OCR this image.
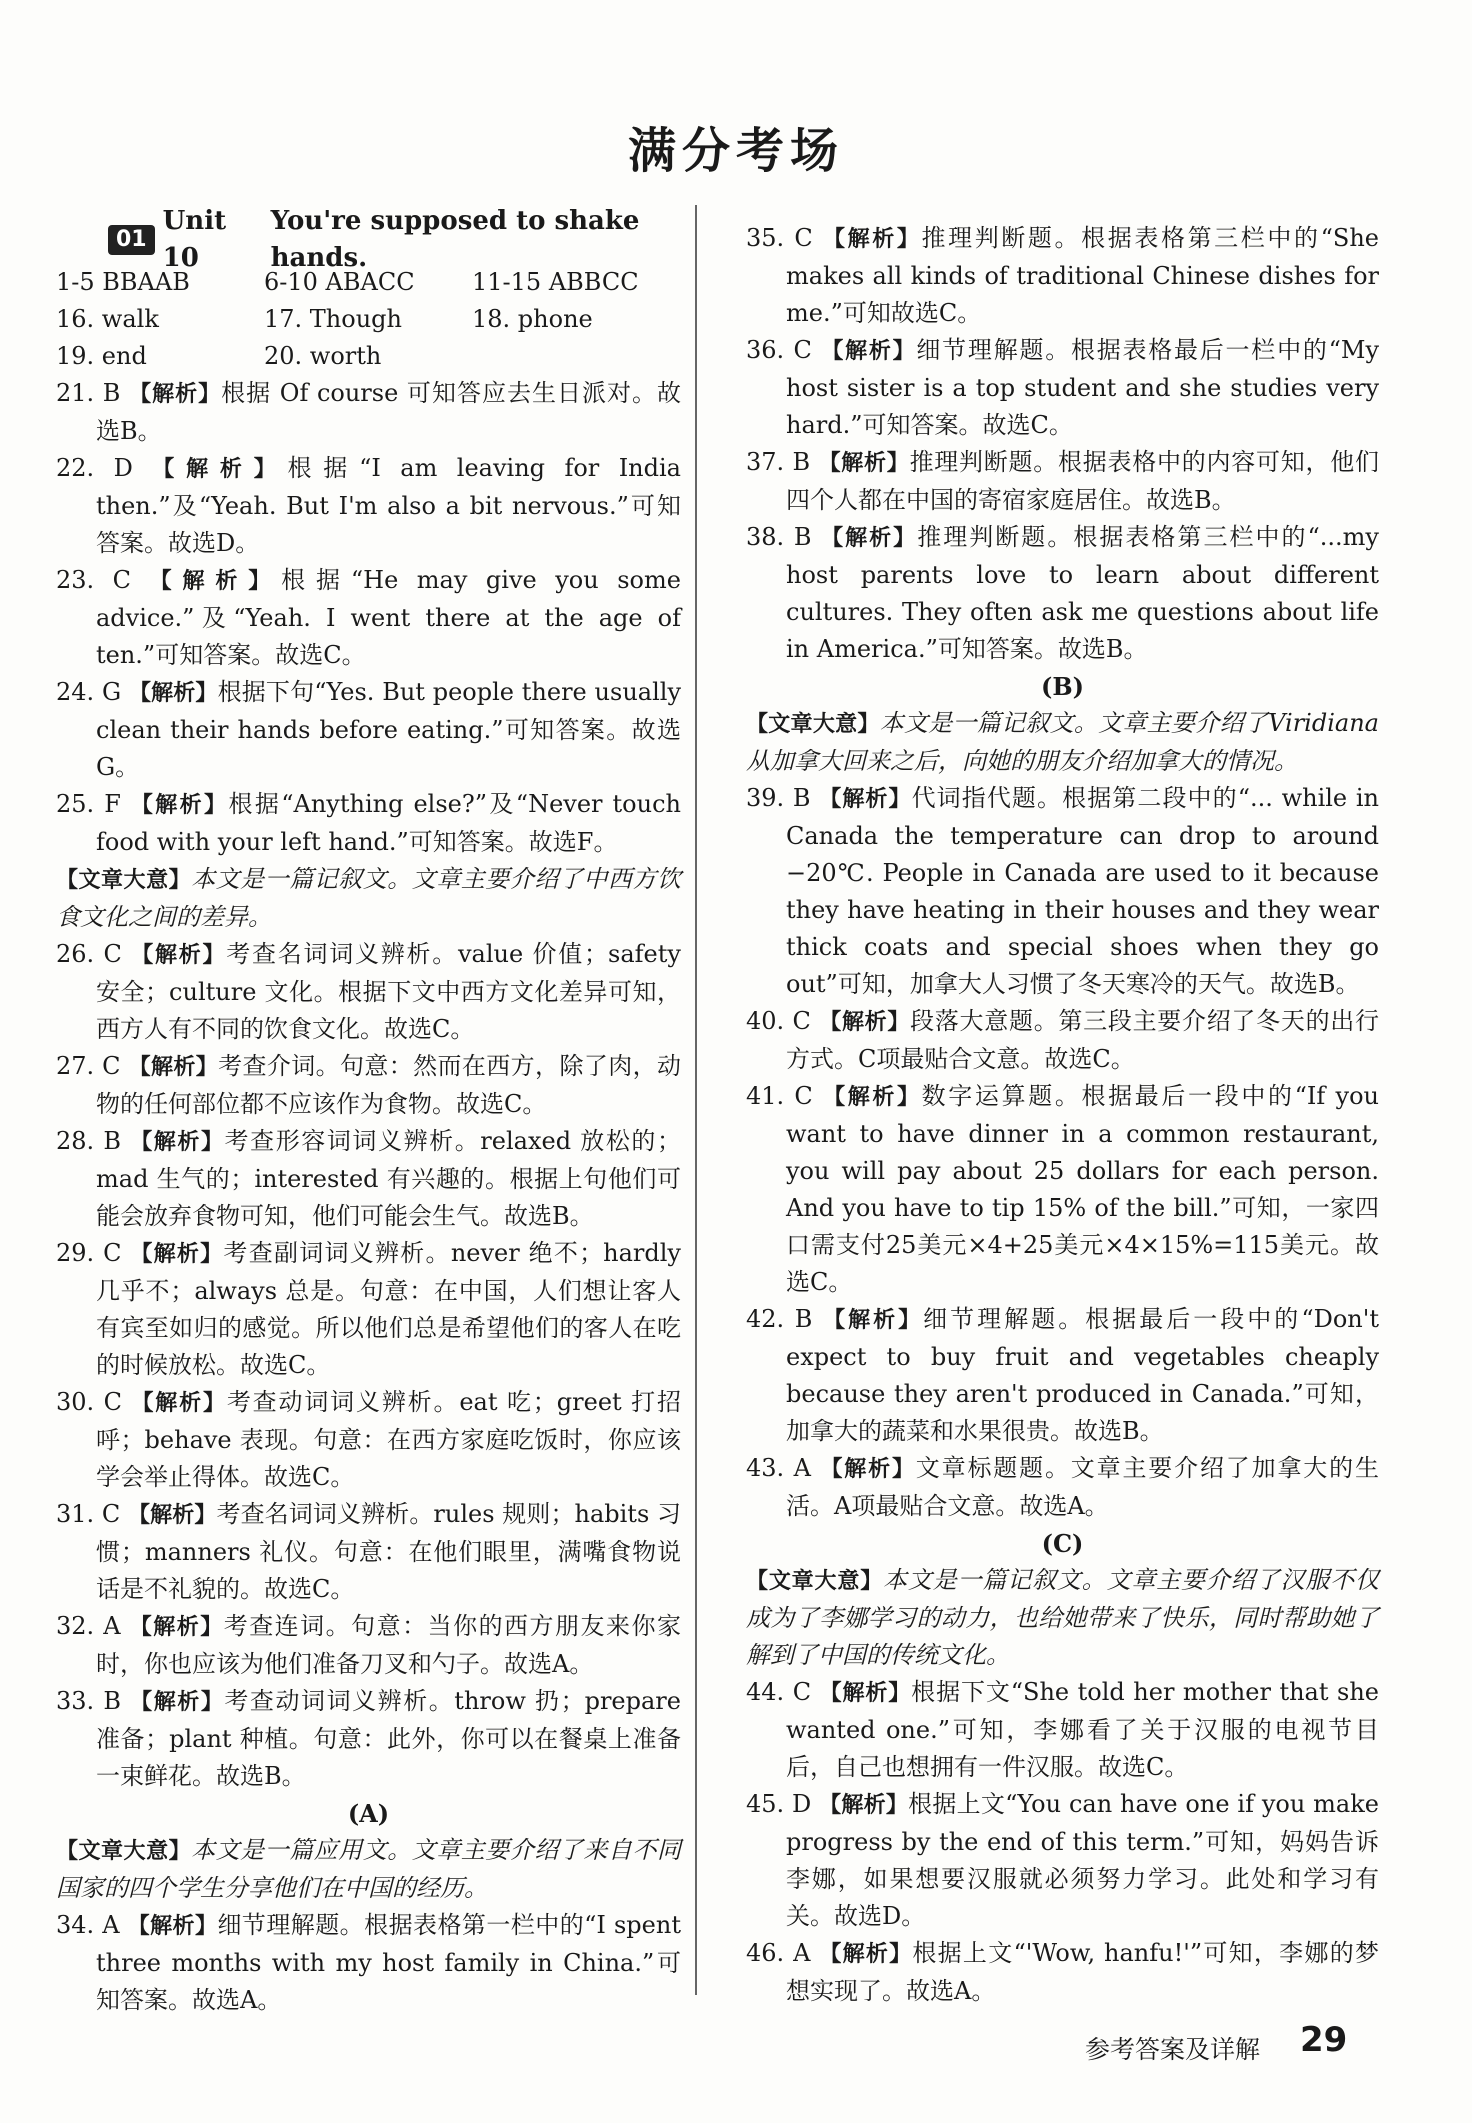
满分考场
01
Unit 10
You're supposed to shake hands.
1-5 BBAAB	6-10 ABACC	11-15 ABBCC
16. walk	17. Though	18. phone
19. end	20. worth
21. B 【解析】根据 Of course 可知答应去生日派对。故选B。
22. D 【解析】根据“I am leaving for India then.”及“Yeah. But I'm also a bit nervous.”可知答案。故选D。
23. C 【解析】根据“He may give you some advice.”及“Yeah. I went there at the age of ten.”可知答案。故选C。
24. G 【解析】根据下句“Yes. But people there usually clean their hands before eating.”可知答案。故选G。
25. F 【解析】根据“Anything else?”及“Never touch food with your left hand.”可知答案。故选F。
【文章大意】本文是一篇记叙文。文章主要介绍了中西方饮食文化之间的差异。
26. C 【解析】考查名词词义辨析。value 价值；safety 安全；culture 文化。根据下文中西方文化差异可知，西方人有不同的饮食文化。故选C。
27. C 【解析】考查介词。句意：然而在西方，除了肉，动物的任何部位都不应该作为食物。故选C。
28. B 【解析】考查形容词词义辨析。relaxed 放松的；mad 生气的；interested 有兴趣的。根据上句他们可能会放弃食物可知，他们可能会生气。故选B。
29. C 【解析】考查副词词义辨析。never 绝不；hardly 几乎不；always 总是。句意：在中国，人们想让客人有宾至如归的感觉。所以他们总是希望他们的客人在吃的时候放松。故选C。
30. C 【解析】考查动词词义辨析。eat 吃；greet 打招呼；behave 表现。句意：在西方家庭吃饭时，你应该学会举止得体。故选C。
31. C 【解析】考查名词词义辨析。rules 规则；habits 习惯；manners 礼仪。句意：在他们眼里，满嘴食物说话是不礼貌的。故选C。
32. A 【解析】考查连词。句意：当你的西方朋友来你家时，你也应该为他们准备刀叉和勺子。故选A。
33. B 【解析】考查动词词义辨析。throw 扔；prepare 准备；plant 种植。句意：此外，你可以在餐桌上准备一束鲜花。故选B。
(A)
【文章大意】本文是一篇应用文。文章主要介绍了来自不同国家的四个学生分享他们在中国的经历。
34. A 【解析】细节理解题。根据表格第一栏中的“I spent three months with my host family in China.”可知答案。故选A。
35. C 【解析】推理判断题。根据表格第三栏中的“She makes all kinds of traditional Chinese dishes for me.”可知故选C。
36. C 【解析】细节理解题。根据表格最后一栏中的“My host sister is a top student and she studies very hard.”可知答案。故选C。
37. B 【解析】推理判断题。根据表格中的内容可知，他们四个人都在中国的寄宿家庭居住。故选B。
38. B 【解析】推理判断题。根据表格第三栏中的“...my host parents love to learn about different cultures. They often ask me questions about life in America.”可知答案。故选B。
(B)
【文章大意】本文是一篇记叙文。文章主要介绍了Viridiana从加拿大回来之后，向她的朋友介绍加拿大的情况。
39. B 【解析】代词指代题。根据第二段中的“... while in Canada the temperature can drop to around −20℃. People in Canada are used to it because they have heating in their houses and they wear thick coats and special shoes when they go out”可知，加拿大人习惯了冬天寒冷的天气。故选B。
40. C 【解析】段落大意题。第三段主要介绍了冬天的出行方式。C项最贴合文意。故选C。
41. C 【解析】数字运算题。根据最后一段中的“If you want to have dinner in a common restaurant, you will pay about 25 dollars for each person. And you have to tip 15% of the bill.”可知，一家四口需支付25美元×4+25美元×4×15%=115美元。故选C。
42. B 【解析】细节理解题。根据最后一段中的“Don't expect to buy fruit and vegetables cheaply because they aren't produced in Canada.”可知，加拿大的蔬菜和水果很贵。故选B。
43. A 【解析】文章标题题。文章主要介绍了加拿大的生活。A项最贴合文意。故选A。
(C)
【文章大意】本文是一篇记叙文。文章主要介绍了汉服不仅成为了李娜学习的动力，也给她带来了快乐，同时帮助她了解到了中国的传统文化。
44. C 【解析】根据下文“She told her mother that she wanted one.”可知，李娜看了关于汉服的电视节目后，自己也想拥有一件汉服。故选C。
45. D 【解析】根据上文“You can have one if you make progress by the end of this term.”可知，妈妈告诉李娜，如果想要汉服就必须努力学习。此处和学习有关。故选D。
46. A 【解析】根据上文“'Wow, hanfu!'”可知，李娜的梦想实现了。故选A。
参考答案及详解 29
